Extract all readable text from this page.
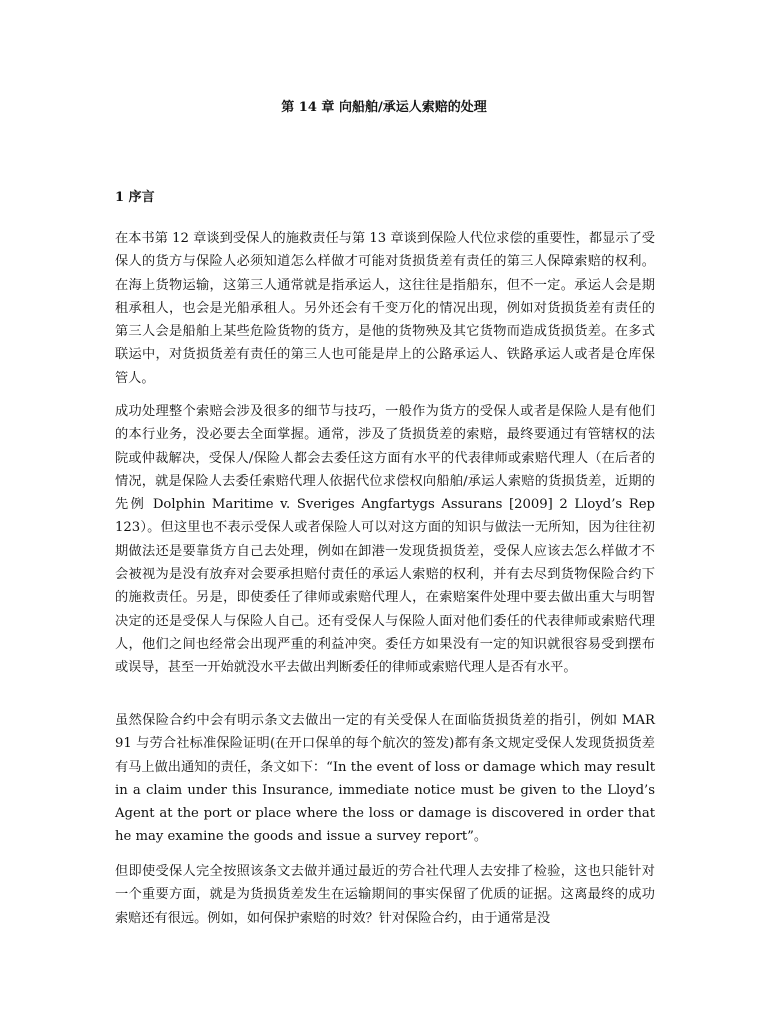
第 14 章 向船舶/承运人索赔的处理
1 序言

在本书第 12 章谈到受保人的施救责任与第 13 章谈到保险人代位求偿的重要性，都显示了受保人的货方与保险人必须知道怎么样做才可能对货损货差有责任的第三人保障索赔的权利。在海上货物运输，这第三人通常就是指承运人，这往往是指船东，但不一定。承运人会是期租承租人，也会是光船承租人。另外还会有千变万化的情况出现，例如对货损货差有责任的第三人会是船舶上某些危险货物的货方，是他的货物殃及其它货物而造成货损货差。在多式联运中，对货损货差有责任的第三人也可能是岸上的公路承运人、铁路承运人或者是仓库保管人。

成功处理整个索赔会涉及很多的细节与技巧，一般作为货方的受保人或者是保险人是有他们的本行业务，没必要去全面掌握。通常，涉及了货损货差的索赔，最终要通过有管辖权的法院或仲裁解决，受保人/保险人都会去委任这方面有水平的代表律师或索赔代理人（在后者的情况，就是保险人去委任索赔代理人依据代位求偿权向船舶/承运人索赔的货损货差，近期的先例 Dolphin Maritime v. Sveriges Angfartygs Assurans [2009] 2 Lloyd’s Rep 123）。但这里也不表示受保人或者保险人可以对这方面的知识与做法一无所知，因为往往初期做法还是要靠货方自己去处理，例如在卸港一发现货损货差，受保人应该去怎么样做才不会被视为是没有放弃对会要承担赔付责任的承运人索赔的权利，并有去尽到货物保险合约下的施救责任。另是，即使委任了律师或索赔代理人，在索赔案件处理中要去做出重大与明智决定的还是受保人与保险人自己。还有受保人与保险人面对他们委任的代表律师或索赔代理人，他们之间也经常会出现严重的利益冲突。委任方如果没有一定的知识就很容易受到摆布或误导，甚至一开始就没水平去做出判断委任的律师或索赔代理人是否有水平。

虽然保险合约中会有明示条文去做出一定的有关受保人在面临货损货差的指引，例如 MAR 91 与劳合社标准保险证明(在开口保单的每个航次的签发)都有条文规定受保人发现货损货差有马上做出通知的责任，条文如下：“In the event of loss or damage which may result in a claim under this Insurance, immediate notice must be given to the Lloyd’s Agent at the port or place where the loss or damage is discovered in order that he may examine the goods and issue a survey report”。

但即使受保人完全按照该条文去做并通过最近的劳合社代理人去安排了检验，这也只能针对一个重要方面，就是为货损货差发生在运输期间的事实保留了优质的证据。这离最终的成功索赔还有很远。例如，如何保护索赔的时效？针对保险合约，由于通常是没
